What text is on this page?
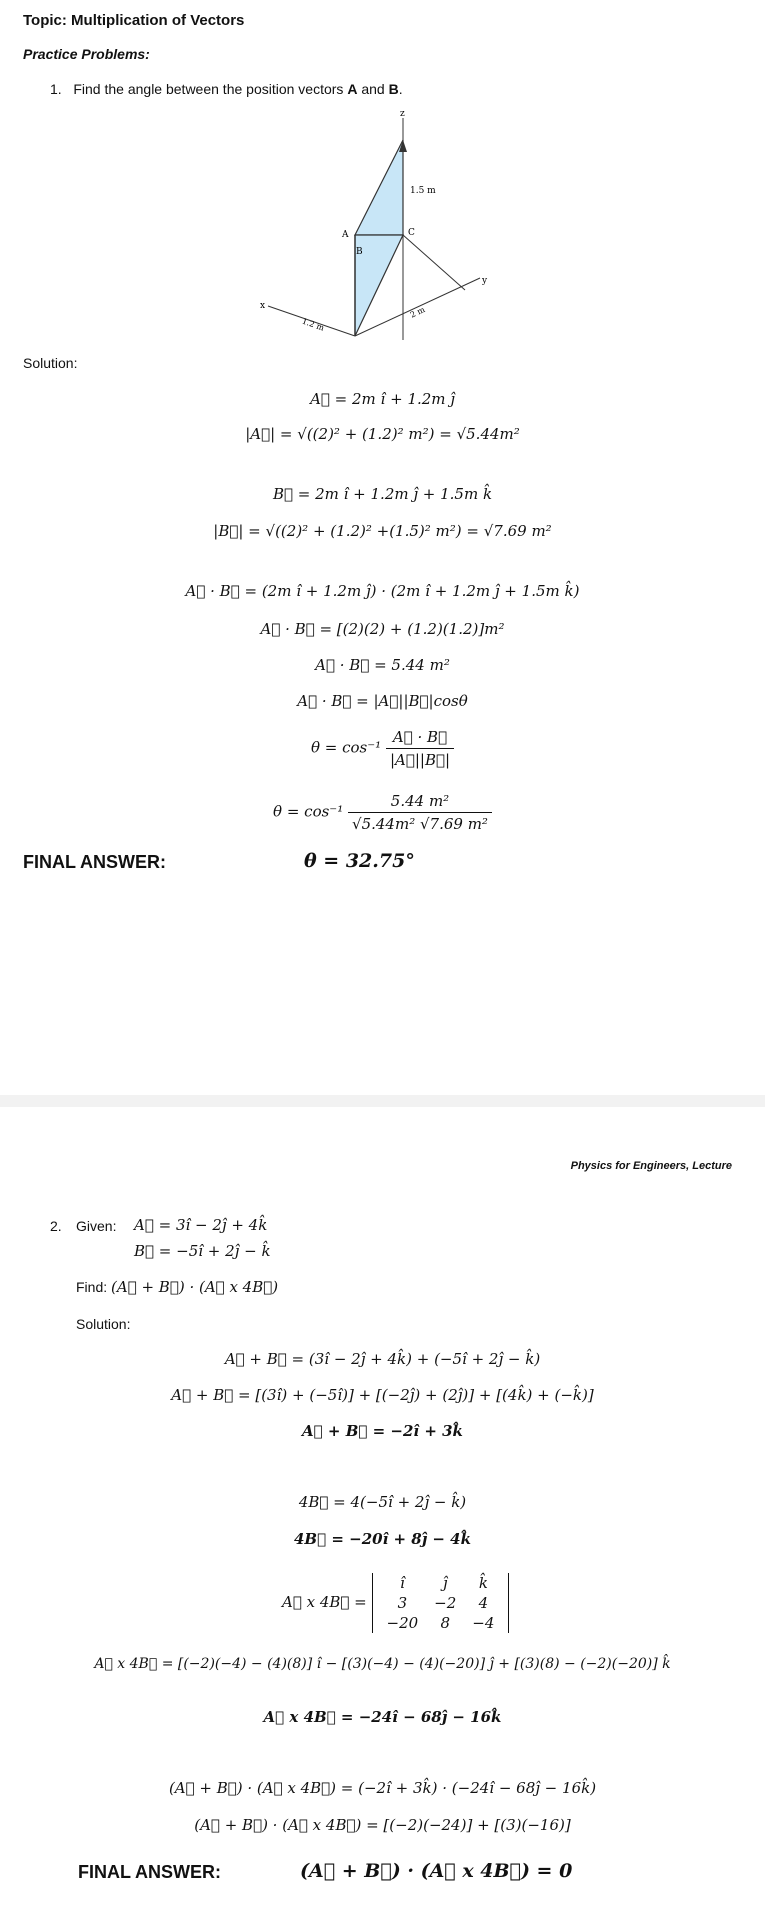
Topic: Multiplication of Vectors
Practice Problems:
1. Find the angle between the position vectors A and B.
z
x
y
A
B
C
1.5 m
1.2 m
2 m
Solution:
A⃗ = 2m î + 1.2m ĵ
|A⃗| = √((2)² + (1.2)² m²) = √5.44m²
B⃗ = 2m î + 1.2m ĵ + 1.5m k̂
|B⃗| = √((2)² + (1.2)² +(1.5)² m²) = √7.69 m²
A⃗ · B⃗ = (2m î + 1.2m ĵ) · (2m î + 1.2m ĵ + 1.5m k̂)
A⃗ · B⃗ = [(2)(2) + (1.2)(1.2)]m²
A⃗ · B⃗ = 5.44 m²
A⃗ · B⃗ = |A⃗||B⃗|cosθ
$\theta = \cos^{-1} \frac{A⃗ \cdot B⃗}{|A⃗||B⃗|}$
$\theta = \cos^{-1} \frac{\text{5.44 m²}}{\text{√5.44m² √7.69 m²}}$
FINAL ANSWER:	θ = 32.75°
Physics for Engineers, Lecture
2. Given: A⃗ = 3î − 2ĵ + 4k̂
B⃗ = −5î + 2ĵ − k̂
Find: (A⃗ + B⃗) · (A⃗ x 4B⃗)
Solution:
A⃗ + B⃗ = (3î − 2ĵ + 4k̂) + (−5î + 2ĵ − k̂)
A⃗ + B⃗ = [(3î) + (−5î)] + [(−2ĵ) + (2ĵ)] + [(4k̂) + (−k̂)]
A⃗ + B⃗ = −2î + 3k̂
4B⃗ = 4(−5î + 2ĵ − k̂)
4B⃗ = −20î + 8ĵ − 4k̂
A⃗ x 4B⃗ =
î	ĵ	k̂
3	−2	4
−20	8	−4
A⃗ x 4B⃗ = [(−2)(−4) − (4)(8)] î − [(3)(−4) − (4)(−20)] ĵ + [(3)(8) − (−2)(−20)] k̂
A⃗ x 4B⃗ = −24î − 68ĵ − 16k̂
(A⃗ + B⃗) · (A⃗ x 4B⃗) = (−2î + 3k̂) · (−24î − 68ĵ − 16k̂)
(A⃗ + B⃗) · (A⃗ x 4B⃗) = [(−2)(−24)] + [(3)(−16)]
FINAL ANSWER:	(A⃗ + B⃗) · (A⃗ x 4B⃗) = 0
